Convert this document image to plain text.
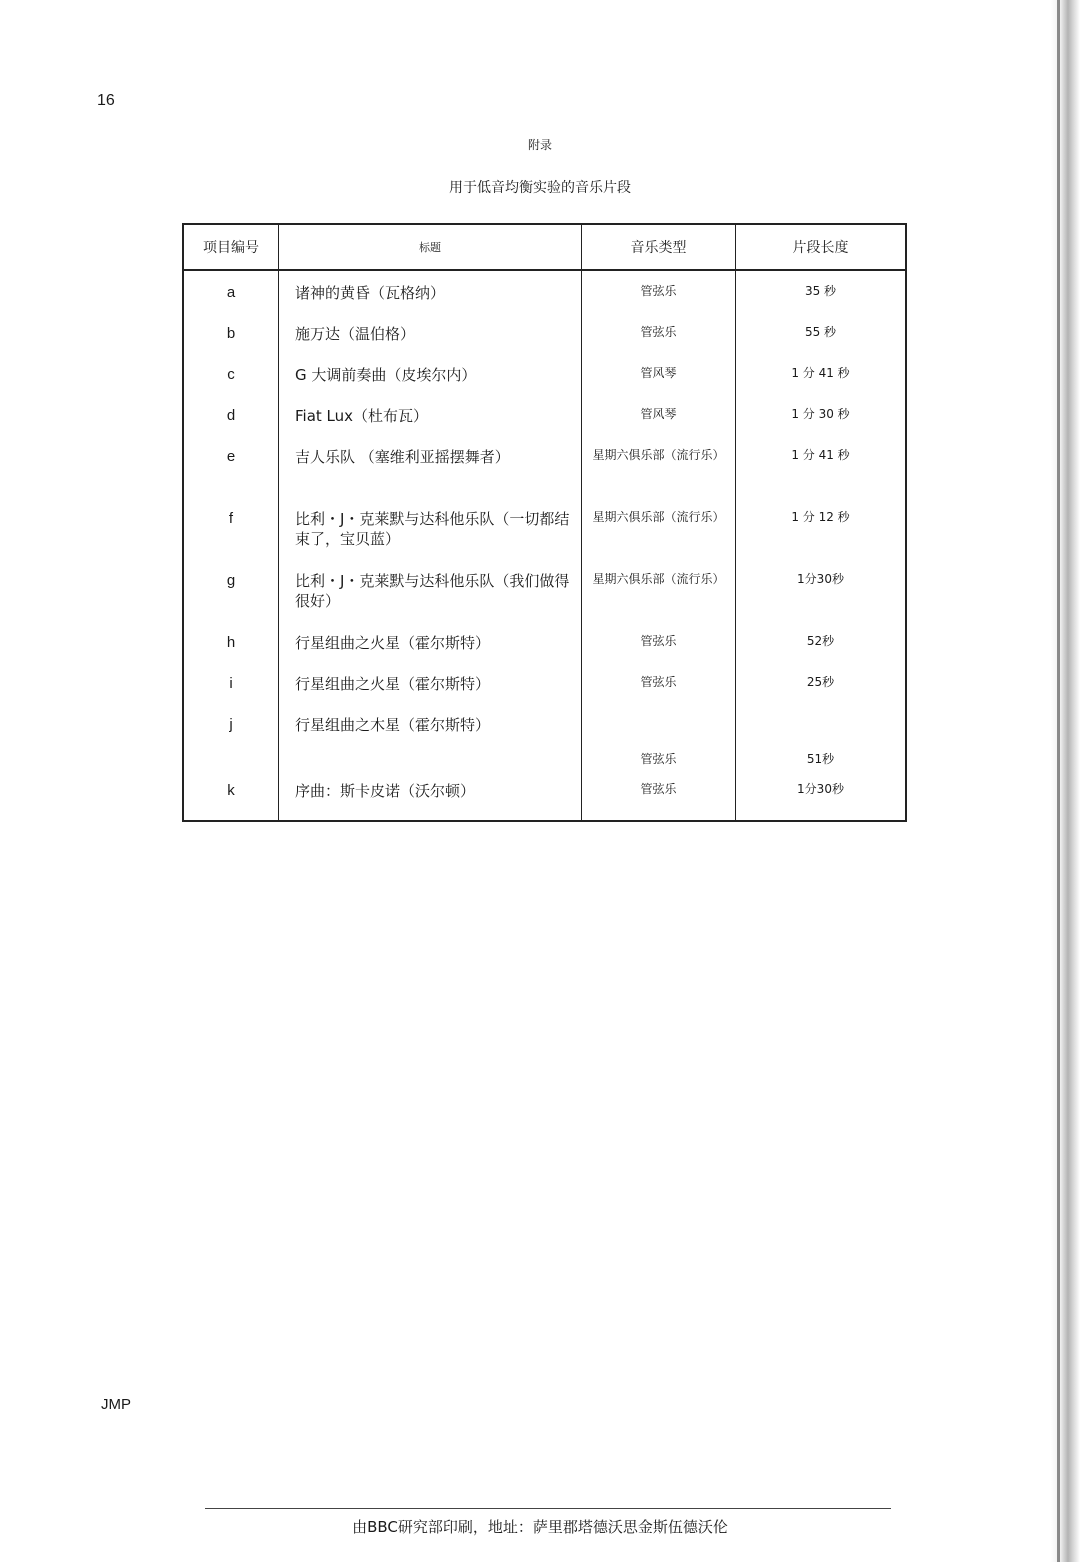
16
附录
用于低音均衡实验的音乐片段
项目编号	标题	音乐类型	片段长度
a	诸神的黄昏（瓦格纳）	管弦乐	35 秒
b	施万达（温伯格）	管弦乐	55 秒
c	G 大调前奏曲（皮埃尔内）	管风琴	1 分 41 秒
d	Fiat Lux（杜布瓦）	管风琴	1 分 30 秒
e	吉人乐队 （塞维利亚摇摆舞者）	星期六俱乐部（流行乐）	1 分 41 秒
f	比利・J・克莱默与达科他乐队（一切都结束了，宝贝蓝）	星期六俱乐部（流行乐）	1 分 12 秒
g	比利・J・克莱默与达科他乐队（我们做得很好）	星期六俱乐部（流行乐）	1分30秒
h	行星组曲之火星（霍尔斯特）	管弦乐	52秒
i	行星组曲之火星（霍尔斯特）	管弦乐	25秒
j	行星组曲之木星（霍尔斯特）	管弦乐	51秒
k	序曲：斯卡皮诺（沃尔顿）	管弦乐	1分30秒
JMP
由BBC研究部印刷，地址：萨里郡塔德沃思金斯伍德沃伦
